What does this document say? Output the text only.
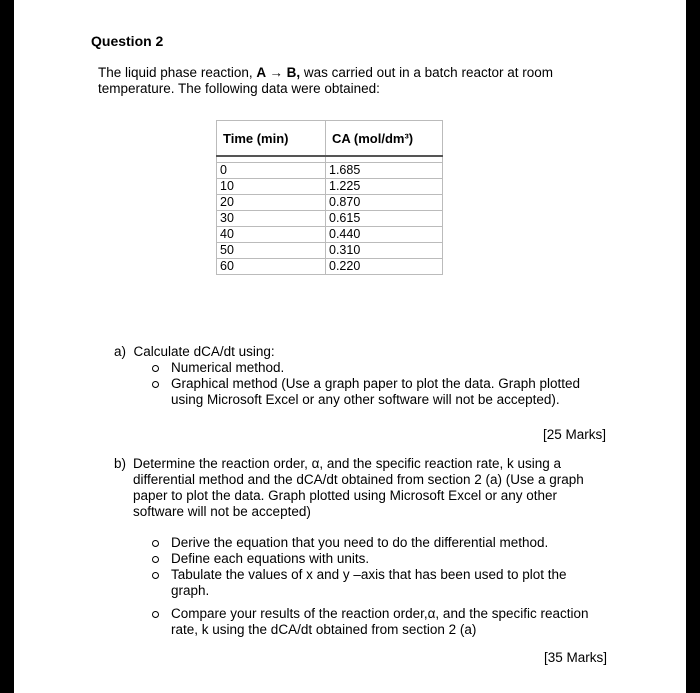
Question 2
The liquid phase reaction, A → B, was carried out in a batch reactor at room temperature. The following data were obtained:
Time (min)	CA (mol/dm³)

0	1.685
10	1.225
20	0.870
30	0.615
40	0.440
50	0.310
60	0.220
a) Calculate dCA/dt using:
Numerical method.
Graphical method (Use a graph paper to plot the data. Graph plotted using Microsoft Excel or any other software will not be accepted).
[25 Marks]
b) Determine the reaction order, α, and the specific reaction rate, k using a differential method and the dCA/dt obtained from section 2 (a) (Use a graph paper to plot the data. Graph plotted using Microsoft Excel or any other software will not be accepted)
Derive the equation that you need to do the differential method.
Define each equations with units.
Tabulate the values of x and y –axis that has been used to plot the graph.
Compare your results of the reaction order,α, and the specific reaction rate, k using the dCA/dt obtained from section 2 (a)
[35 Marks]
